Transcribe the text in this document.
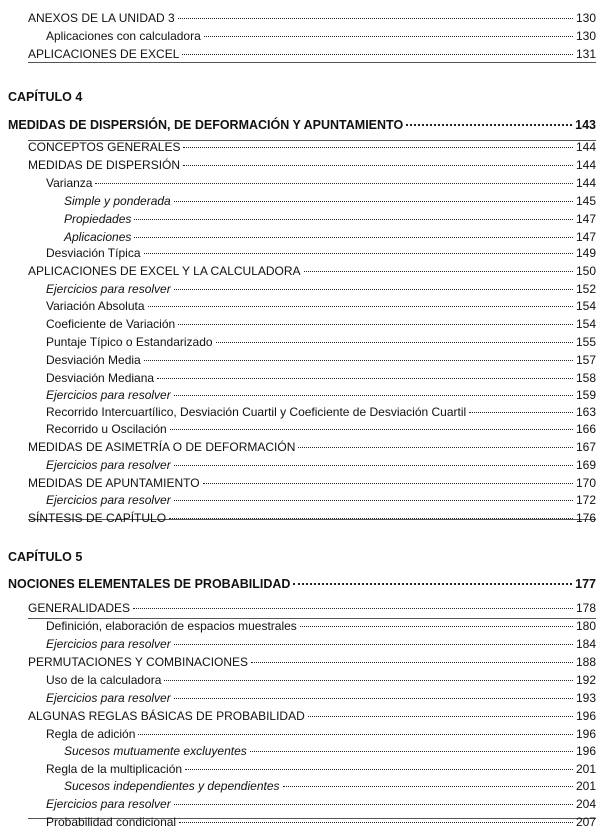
ANEXOS DE LA UNIDAD 3	130
Aplicaciones con calculadora	130
APLICACIONES DE EXCEL	131
CAPÍTULO 4
MEDIDAS DE DISPERSIÓN, DE DEFORMACIÓN Y APUNTAMIENTO	143
CONCEPTOS GENERALES	144
MEDIDAS DE DISPERSIÓN	144
Varianza	144
Simple y ponderada	145
Propiedades	147
Aplicaciones	147
Desviación Típica	149
APLICACIONES DE EXCEL Y LA CALCULADORA	150
Ejercicios para resolver	152
Variación Absoluta	154
Coeficiente de Variación	154
Puntaje Típico o Estandarizado	155
Desviación Media	157
Desviación Mediana	158
Ejercicios para resolver	159
Recorrido Intercuartílico, Desviación Cuartil y Coeficiente de Desviación Cuartil	163
Recorrido u Oscilación	166
MEDIDAS DE ASIMETRÍA O DE DEFORMACIÓN	167
Ejercicios para resolver	169
MEDIDAS DE APUNTAMIENTO	170
Ejercicios para resolver	172
SÍNTESIS DE CAPÍTULO	176
CAPÍTULO 5
NOCIONES ELEMENTALES DE PROBABILIDAD	177
GENERALIDADES	178
Definición, elaboración de espacios muestrales	180
Ejercicios para resolver	184
PERMUTACIONES Y COMBINACIONES	188
Uso de la calculadora	192
Ejercicios para resolver	193
ALGUNAS REGLAS BÁSICAS DE PROBABILIDAD	196
Regla de adición	196
Sucesos mutuamente excluyentes	196
Regla de la multiplicación	201
Sucesos independientes y dependientes	201
Ejercicios para resolver	204
Probabilidad condicional	207
